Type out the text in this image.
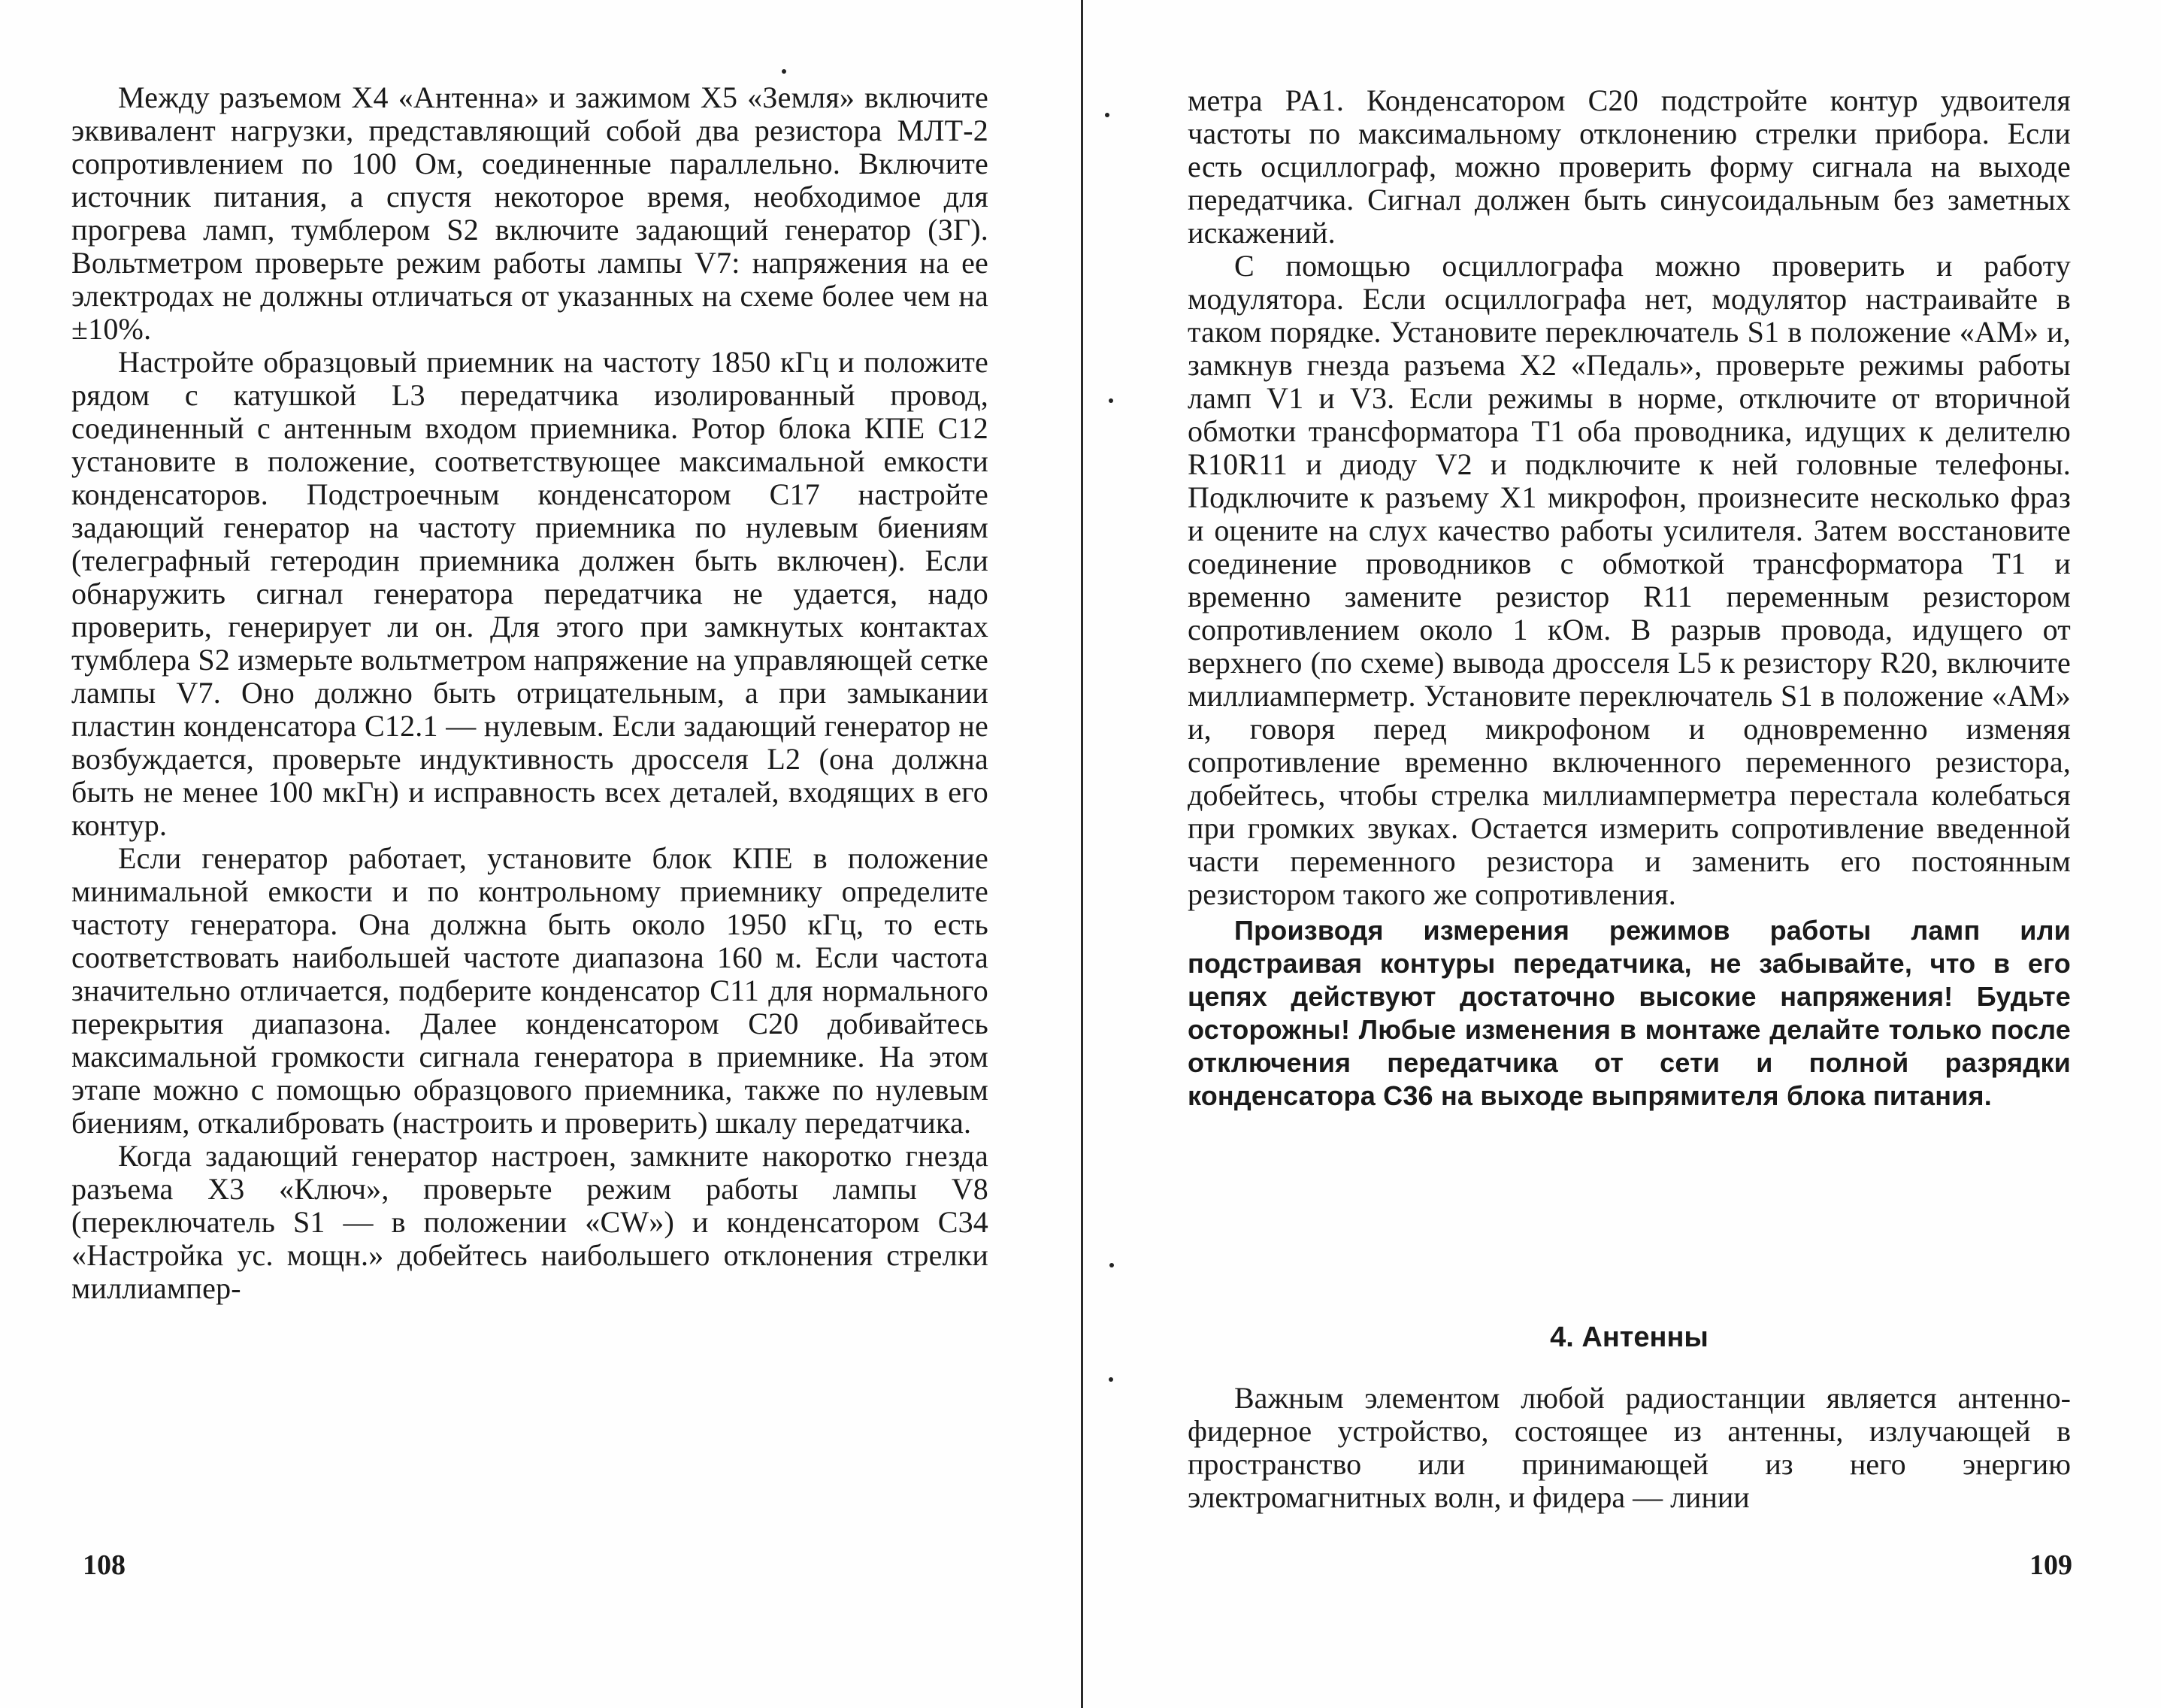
Между разъемом X4 «Антенна» и зажимом X5 «Земля» включите эквивалент нагрузки, представляющий собой два резистора МЛТ-2 сопротивлением по 100 Ом, соединенные параллельно. Включите источник питания, а спустя некоторое время, необходимое для прогрева ламп, тумблером S2 включите задающий генератор (ЗГ). Вольтметром проверьте режим работы лампы V7: напряжения на ее электродах не должны отличаться от указанных на схеме более чем на ±10%.

Настройте образцовый приемник на частоту 1850 кГц и положите рядом с катушкой L3 передатчика изолированный провод, соединенный с антенным входом приемника. Ротор блока КПЕ C12 установите в положение, соответствующее максимальной емкости конденсаторов. Подстроечным конденсатором C17 настройте задающий генератор на частоту приемника по нулевым биениям (телеграфный гетеродин приемника должен быть включен). Если обнаружить сигнал генератора передатчика не удается, надо проверить, генерирует ли он. Для этого при замкнутых контактах тумблера S2 измерьте вольтметром напряжение на управляющей сетке лампы V7. Оно должно быть отрицательным, а при замыкании пластин конденсатора C12.1 — нулевым. Если задающий генератор не возбуждается, проверьте индуктивность дросселя L2 (она должна быть не менее 100 мкГн) и исправность всех деталей, входящих в его контур.

Если генератор работает, установите блок КПЕ в положение минимальной емкости и по контрольному приемнику определите частоту генератора. Она должна быть около 1950 кГц, то есть соответствовать наибольшей частоте диапазона 160 м. Если частота значительно отличается, подберите конденсатор C11 для нормального перекрытия диапазона. Далее конденсатором C20 добивайтесь максимальной громкости сигнала генератора в приемнике. На этом этапе можно с помощью образцового приемника, также по нулевым биениям, откалибровать (настроить и проверить) шкалу передатчика.

Когда задающий генератор настроен, замкните накоротко гнезда разъема X3 «Ключ», проверьте режим работы лампы V8 (переключатель S1 — в положении «CW») и конденсатором C34 «Настройка ус. мощн.» добейтесь наибольшего отклонения стрелки миллиампер-

108

метра PA1. Конденсатором C20 подстройте контур удвоителя частоты по максимальному отклонению стрелки прибора. Если есть осциллограф, можно проверить форму сигнала на выходе передатчика. Сигнал должен быть синусоидальным без заметных искажений.

С помощью осциллографа можно проверить и работу модулятора. Если осциллографа нет, модулятор настраивайте в таком порядке. Установите переключатель S1 в положение «АМ» и, замкнув гнезда разъема X2 «Педаль», проверьте режимы работы ламп V1 и V3. Если режимы в норме, отключите от вторичной обмотки трансформатора T1 оба проводника, идущих к делителю R10R11 и диоду V2 и подключите к ней головные телефоны. Подключите к разъему X1 микрофон, произнесите несколько фраз и оцените на слух качество работы усилителя. Затем восстановите соединение проводников с обмоткой трансформатора T1 и временно замените резистор R11 переменным резистором сопротивлением около 1 кОм. В разрыв провода, идущего от верхнего (по схеме) вывода дросселя L5 к резистору R20, включите миллиамперметр. Установите переключатель S1 в положение «АМ» и, говоря перед микрофоном и одновременно изменяя сопротивление временно включенного переменного резистора, добейтесь, чтобы стрелка миллиамперметра перестала колебаться при громких звуках. Остается измерить сопротивление введенной части переменного резистора и заменить его постоянным резистором такого же сопротивления.

Производя измерения режимов работы ламп или подстраивая контуры передатчика, не забывайте, что в его цепях действуют достаточно высокие напряжения! Будьте осторожны! Любые изменения в монтаже делайте только после отключения передатчика от сети и полной разрядки конденсатора C36 на выходе выпрямителя блока питания.

4. Антенны

Важным элементом любой радиостанции является антенно-фидерное устройство, состоящее из антенны, излучающей в пространство или принимающей из него энергию электромагнитных волн, и фидера — линии

109
